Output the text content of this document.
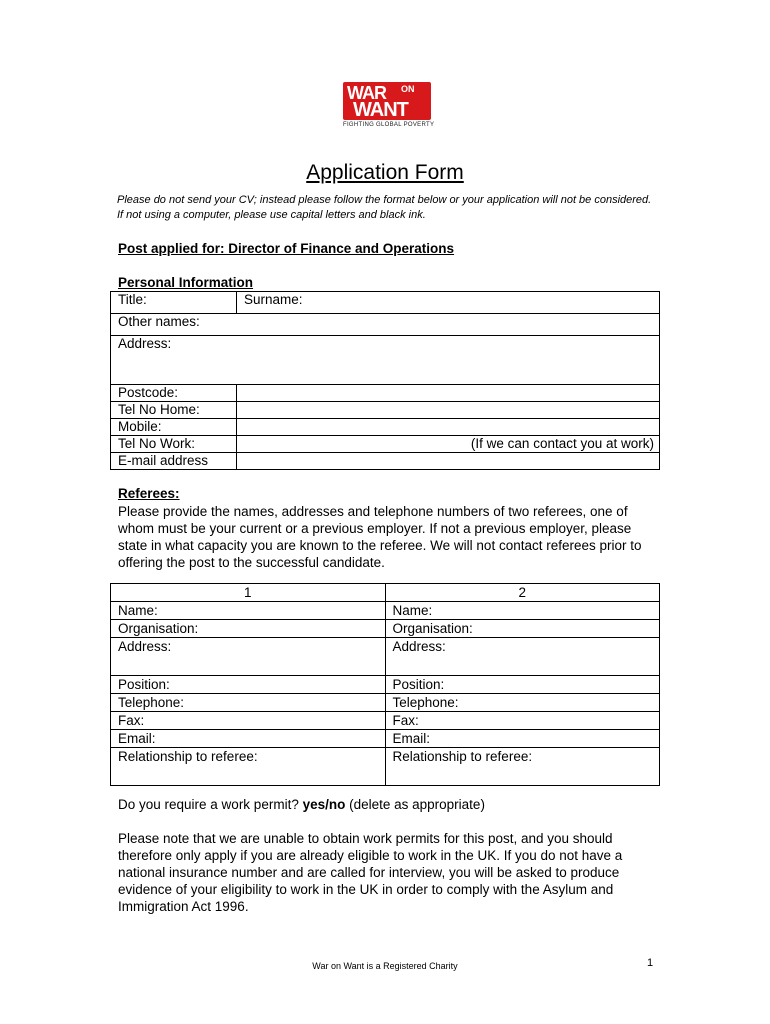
WAR ON
WANT
FIGHTING GLOBAL POVERTY
Application Form
Please do not send your CV; instead please follow the format below or your application will not be considered. If not using a computer, please use capital letters and black ink.
Post applied for: Director of Finance and Operations
Personal Information
Title:	Surname:
Other names:	
Address:	
Postcode:	
Tel No Home:	
Mobile:	
Tel No Work:	(If we can contact you at work)
E-mail address	
Referees:
Please provide the names, addresses and telephone numbers of two referees, one of whom must be your current or a previous employer. If not a previous employer, please state in what capacity you are known to the referee. We will not contact referees prior to offering the post to the successful candidate.
1	2
Name:	Name:
Organisation:	Organisation:
Address:	Address:
Position:	Position:
Telephone:	Telephone:
Fax:	Fax:
Email:	Email:
Relationship to referee:	Relationship to referee:
Do you require a work permit? yes/no (delete as appropriate)
Please note that we are unable to obtain work permits for this post, and you should therefore only apply if you are already eligible to work in the UK. If you do not have a national insurance number and are called for interview, you will be asked to produce evidence of your eligibility to work in the UK in order to comply with the Asylum and Immigration Act 1996.
War on Want is a Registered Charity	1
